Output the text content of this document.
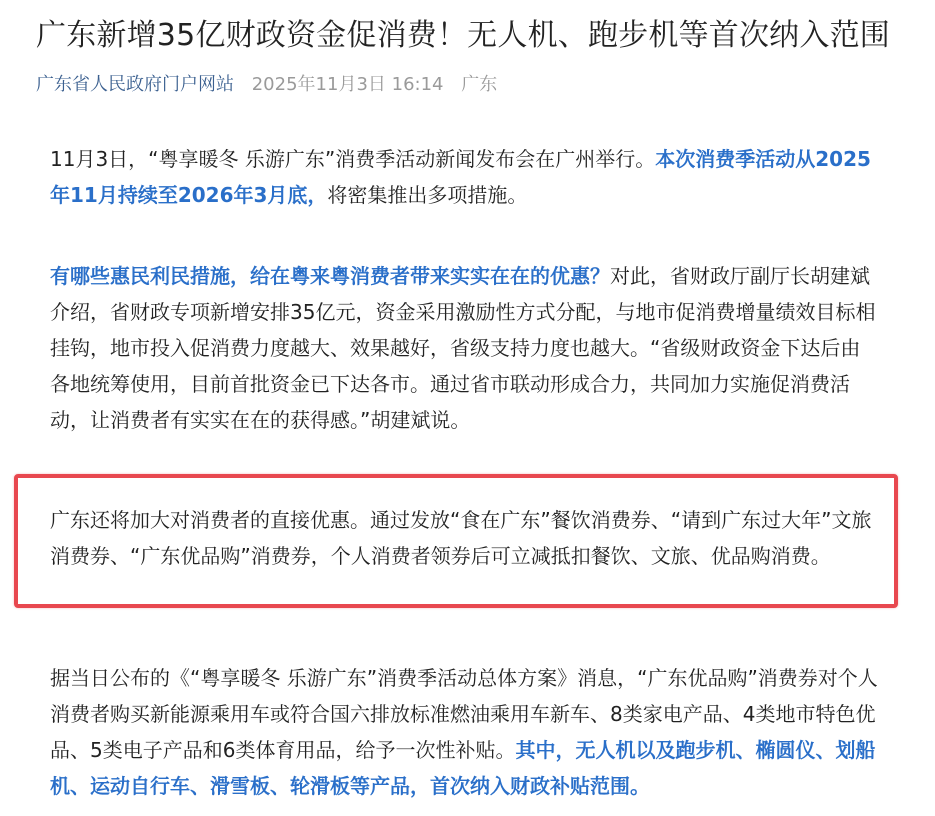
广东新增35亿财政资金促消费！无人机、跑步机等首次纳入范围
广东省人民政府门户网站 2025年11月3日 16:14 广东

11月3日，“粤享暖冬 乐游广东”消费季活动新闻发布会在广州举行。本次消费季活动从2025年11月持续至2026年3月底，将密集推出多项措施。

有哪些惠民利民措施，给在粤来粤消费者带来实实在在的优惠？对此，省财政厅副厅长胡建斌介绍，省财政专项新增安排35亿元，资金采用激励性方式分配，与地市促消费增量绩效目标相挂钩，地市投入促消费力度越大、效果越好，省级支持力度也越大。“省级财政资金下达后由各地统筹使用，目前首批资金已下达各市。通过省市联动形成合力，共同加力实施促消费活动，让消费者有实实在在的获得感。”胡建斌说。

广东还将加大对消费者的直接优惠。通过发放“食在广东”餐饮消费券、“请到广东过大年”文旅消费券、“广东优品购”消费券，个人消费者领券后可立减抵扣餐饮、文旅、优品购消费。

据当日公布的《“粤享暖冬 乐游广东”消费季活动总体方案》消息，“广东优品购”消费券对个人消费者购买新能源乘用车或符合国六排放标准燃油乘用车新车、8类家电产品、4类地市特色优品、5类电子产品和6类体育用品，给予一次性补贴。其中，无人机以及跑步机、椭圆仪、划船机、运动自行车、滑雪板、轮滑板等产品，首次纳入财政补贴范围。
